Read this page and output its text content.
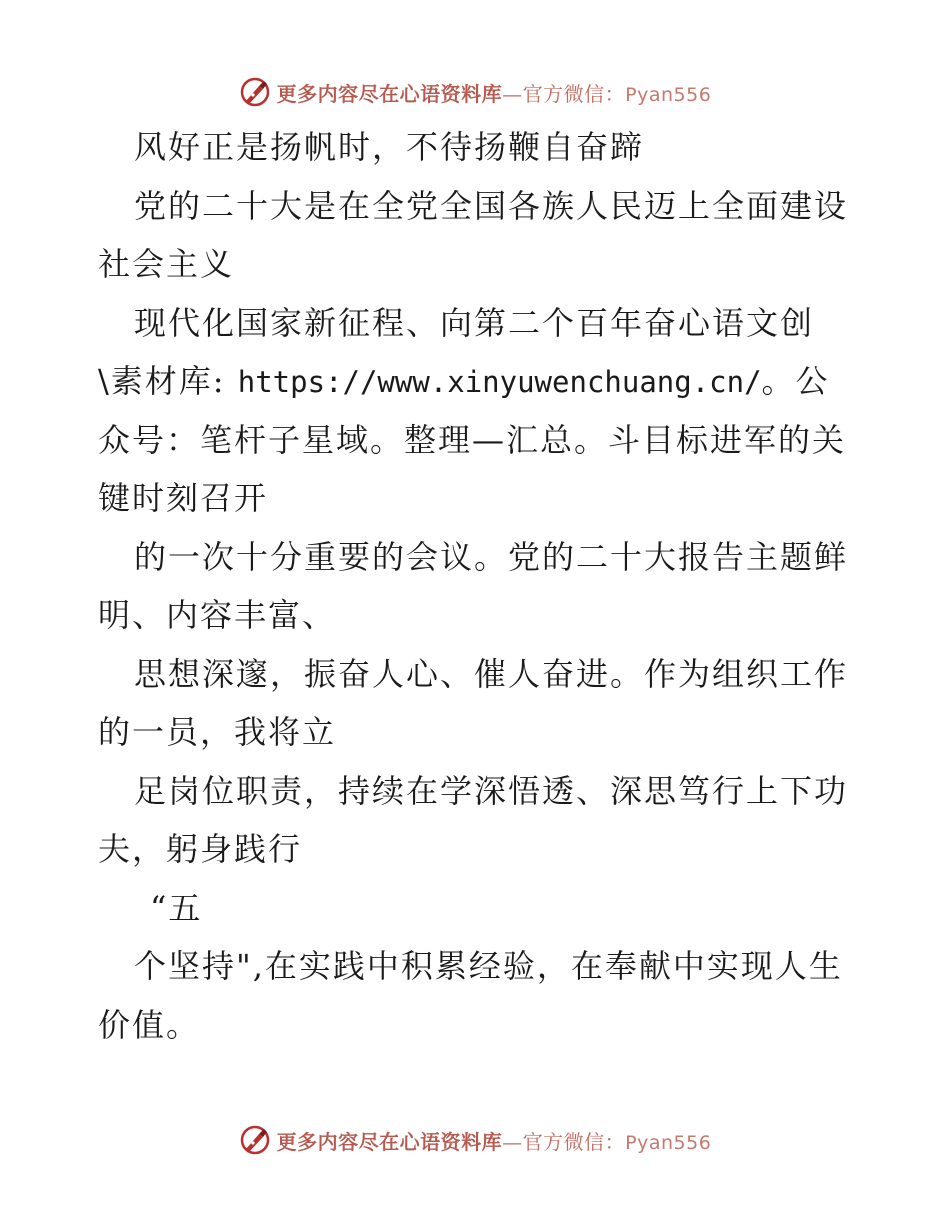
更多内容尽在心语资料库—官方微信：Pyan556
风好正是扬帆时，不待扬鞭自奋蹄
党的二十大是在全党全国各族人民迈上全面建设
社会主义
现代化国家新征程、向第二个百年奋心语文创
\素材库: https://www.xinyuwenchuang.cn/。公
众号：笔杆子星域。整理—汇总。斗目标进军的关
键时刻召开
的一次十分重要的会议。党的二十大报告主题鲜
明、内容丰富、
思想深邃，振奋人心、催人奋进。作为组织工作
的一员，我将立
足岗位职责，持续在学深悟透、深思笃行上下功
夫，躬身践行
“五
个坚持",在实践中积累经验，在奉献中实现人生
价值。
更多内容尽在心语资料库—官方微信：Pyan556
